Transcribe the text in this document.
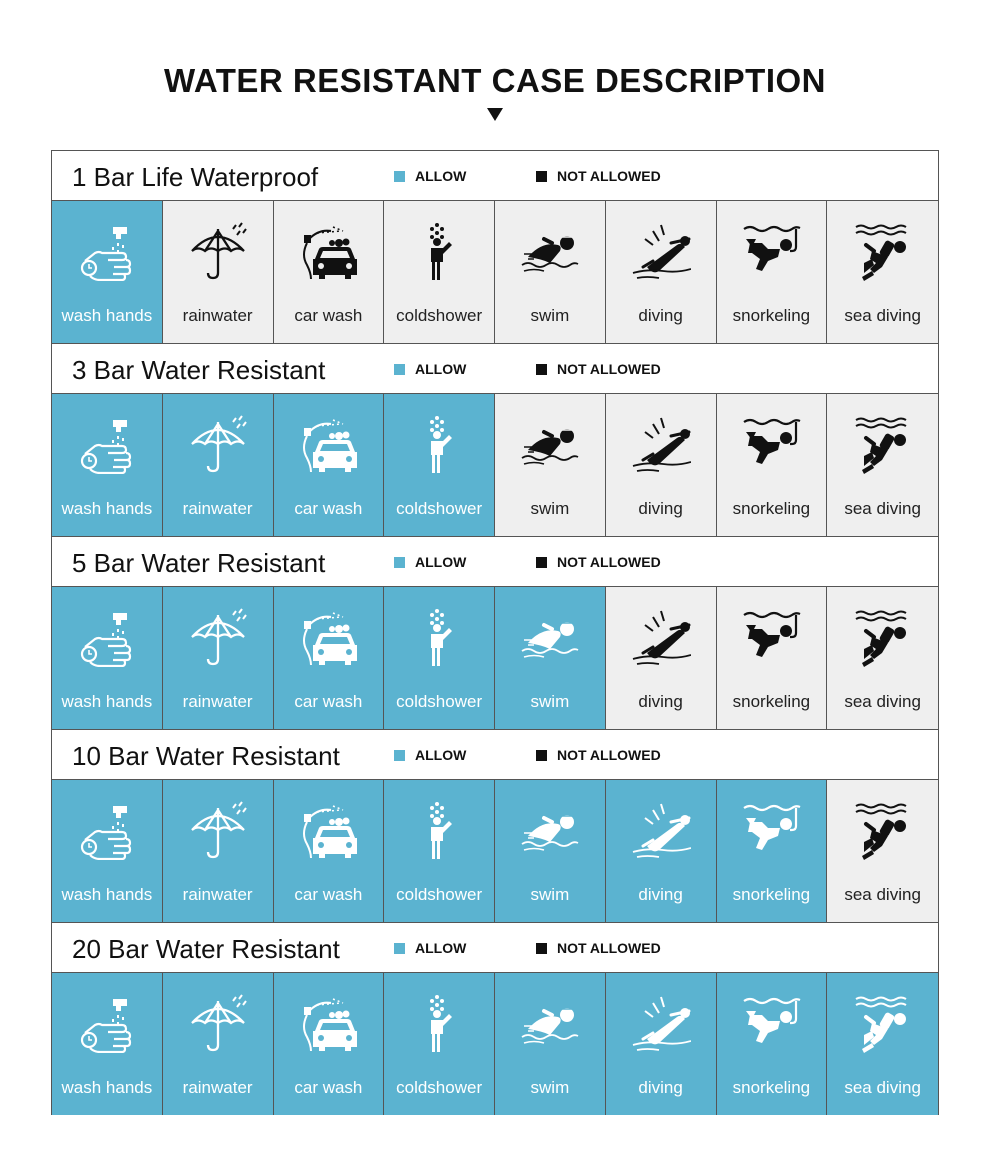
WATER RESISTANT CASE DESCRIPTION
1 Bar Life Waterproof	ALLOW	NOT ALLOWED
wash hands	rainwater	car wash	coldshower	swim	diving	snorkeling	sea diving
3 Bar Water Resistant	ALLOW	NOT ALLOWED
wash hands	rainwater	car wash	coldshower	swim	diving	snorkeling	sea diving
5 Bar Water Resistant	ALLOW	NOT ALLOWED
wash hands	rainwater	car wash	coldshower	swim	diving	snorkeling	sea diving
10 Bar Water Resistant	ALLOW	NOT ALLOWED
wash hands	rainwater	car wash	coldshower	swim	diving	snorkeling	sea diving
20 Bar Water Resistant	ALLOW	NOT ALLOWED
wash hands	rainwater	car wash	coldshower	swim	diving	snorkeling	sea diving
